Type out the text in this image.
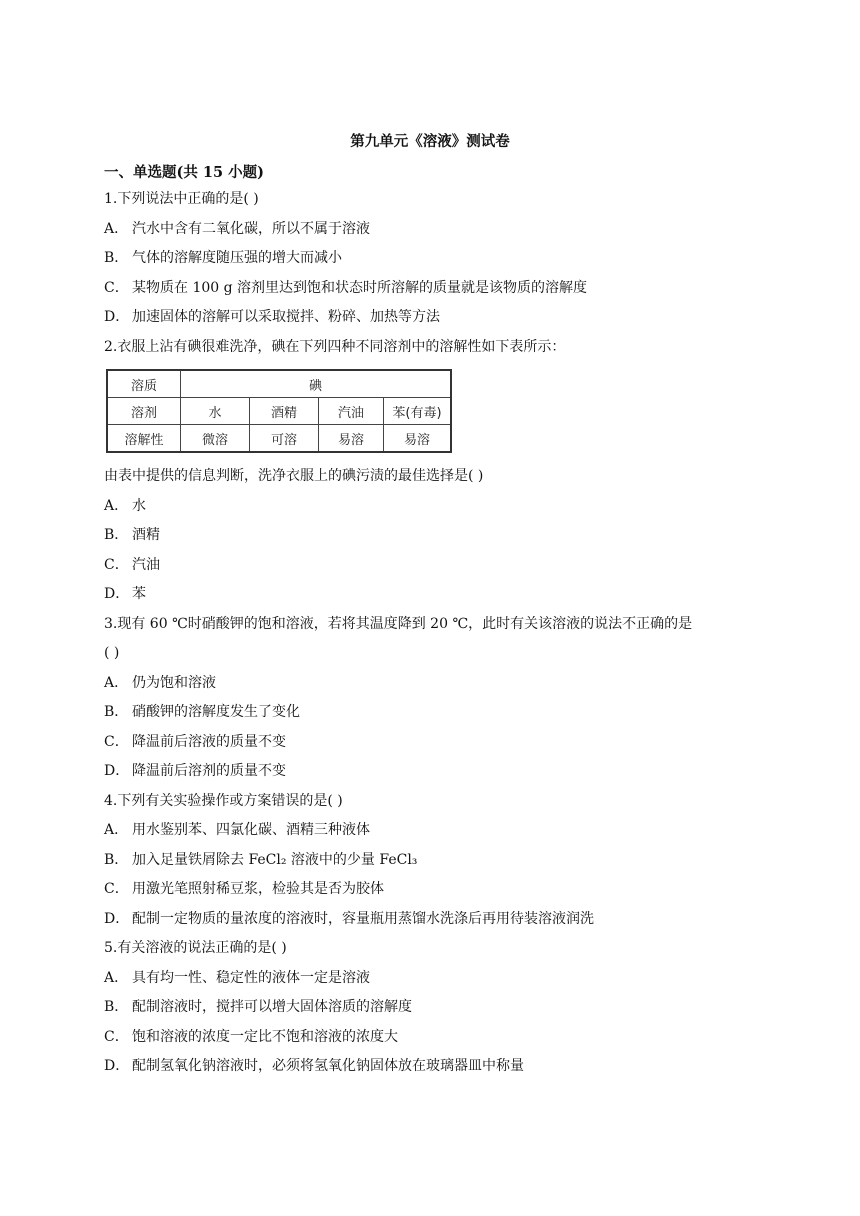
第九单元《溶液》测试卷
一、单选题(共 15 小题)
1.下列说法中正确的是( )
A． 汽水中含有二氧化碳，所以不属于溶液
B． 气体的溶解度随压强的增大而减小
C． 某物质在 100 g 溶剂里达到饱和状态时所溶解的质量就是该物质的溶解度
D． 加速固体的溶解可以采取搅拌、粉碎、加热等方法
2.衣服上沾有碘很难洗净，碘在下列四种不同溶剂中的溶解性如下表所示：
溶质	碘			
溶剂	水	酒精	汽油	苯(有毒)
溶解性	微溶	可溶	易溶	易溶
由表中提供的信息判断，洗净衣服上的碘污渍的最佳选择是( )
A． 水
B． 酒精
C． 汽油
D． 苯
3.现有 60 ℃时硝酸钾的饱和溶液，若将其温度降到 20 ℃，此时有关该溶液的说法不正确的是
( )
A． 仍为饱和溶液
B． 硝酸钾的溶解度发生了变化
C． 降温前后溶液的质量不变
D． 降温前后溶剂的质量不变
4.下列有关实验操作或方案错误的是( )
A． 用水鉴别苯、四氯化碳、酒精三种液体
B． 加入足量铁屑除去 FeCl₂ 溶液中的少量 FeCl₃
C． 用激光笔照射稀豆浆，检验其是否为胶体
D． 配制一定物质的量浓度的溶液时，容量瓶用蒸馏水洗涤后再用待装溶液润洗
5.有关溶液的说法正确的是( )
A． 具有均一性、稳定性的液体一定是溶液
B． 配制溶液时，搅拌可以增大固体溶质的溶解度
C． 饱和溶液的浓度一定比不饱和溶液的浓度大
D． 配制氢氧化钠溶液时，必须将氢氧化钠固体放在玻璃器皿中称量
